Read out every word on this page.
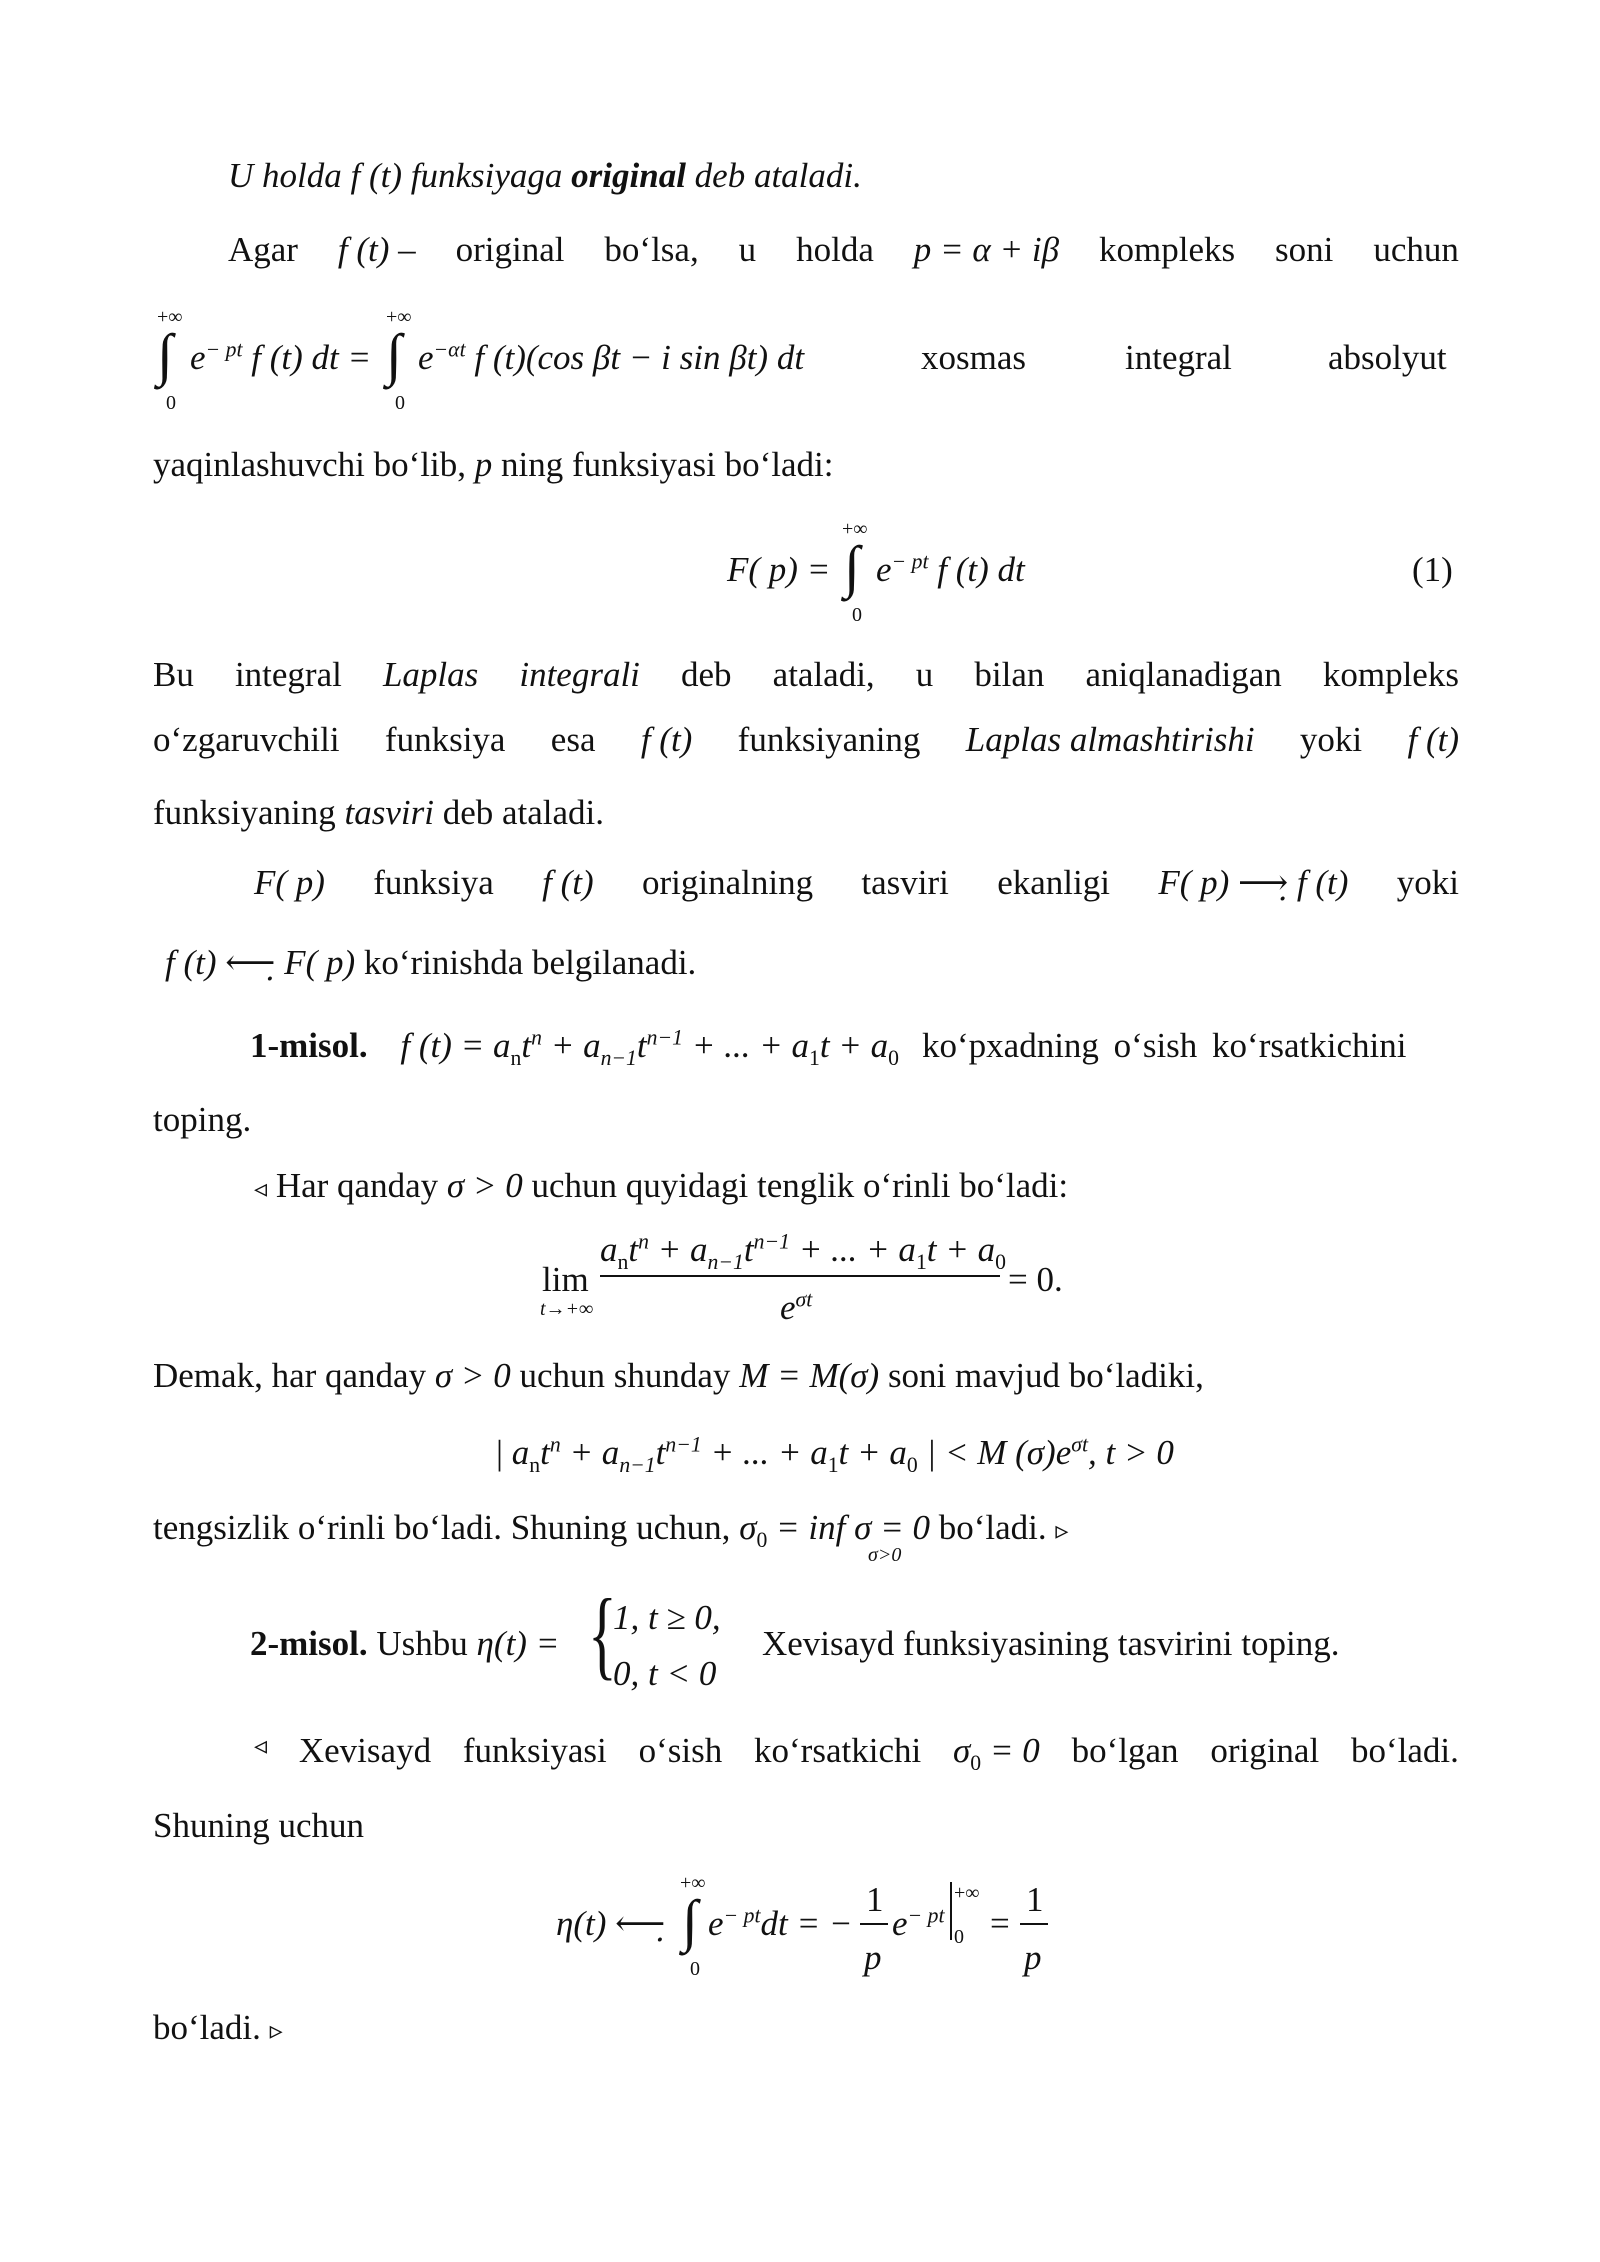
U holda f (t) funksiyaga original deb ataladi.
Agar f (t) – original bo‘lsa, u holda p = α + iβ kompleks soni uchun
+∞
∫
0
$e^{- pt}$ f (t) dt =
+∞
∫
0
$e^{-\alpha t}$ f (t)(cos βt − i sin βt) dt	xosmas	integral	absolyut
yaqinlashuvchi bo‘lib, p ning funksiyasi bo‘ladi:
F( p) =
+∞
∫
0
$e^{- pt}$ f (t) dt	(1)
Bu integral Laplas integrali deb ataladi, u bilan aniqlanadigan kompleks
o‘zgaruvchili funksiya esa f (t) funksiyaning Laplas almashtirishi yoki f (t)
funksiyaning tasviri deb ataladi.
F( p) funksiya f (t) originalning tasviri ekanligi F( p) ⟶̣ f (t) yoki
f (t) ⟵̣ F( p) ko‘rinishda belgilanadi.
1-misol. f $(t) = a_nt^n + a_{n-1}t^{n-1}$ + ... + $a_1t + a_0$ ko‘pxadning o‘sish ko‘rsatkichini
toping.
◃ Har qanday σ > 0 uchun quyidagi tenglik o‘rinli bo‘ladi:
lim
t→+∞
$a_nt^n + a_{n-1}t^{n-1}$ + ... + $a_1t + a_0$
$e^{\sigma t}$
= 0.
Demak, har qanday σ > 0 uchun shunday M = M(σ) soni mavjud bo‘ladiki,
| $a_nt^n + a_{n-1}t^{n-1}$ + ... + $a_1t + a_0$ | < M $(\sigma)e^{\sigma t}$, t > 0
tengsizlik o‘rinli bo‘ladi. Shuning uchun, $\sigma_0$ = inf σ = 0 bo‘ladi. ▹
σ>0
2-misol. Ushbu η(t) = {
1, t ≥ 0,
0, t < 0
Xevisayd funksiyasining tasvirini toping.
◃ Xevisayd funksiyasi o‘sish ko‘rsatkichi $\sigma_0 = 0$ bo‘lgan original bo‘ladi.
Shuning uchun
η(t) ⟵̣
+∞
∫
0
$e^{- pt}dt$ = −
1
p
$e^{- pt}$
+∞
0 =
1
p
bo‘ladi. ▹
